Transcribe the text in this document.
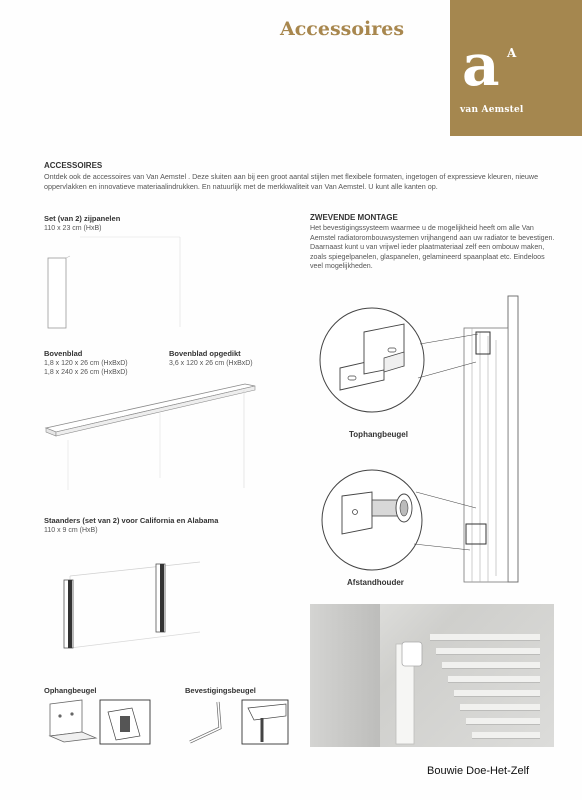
Accessoires
a A
van Aemstel
ACCESSOIRES

Ontdek ook de accessoires van Van Aemstel . Deze sluiten aan bij een groot aantal stijlen met flexibele formaten, ingetogen of expressieve kleuren, nieuwe oppervlakken en innovatieve materiaalindrukken. En natuurlijk met de merkkwaliteit van Van Aemstel. U kunt alle kanten op.

Set (van 2) zijpanelen
110 x 23 cm (HxB)
Bovenblad
1,8 x 120 x 26 cm (HxBxD)
1,8 x 240 x 26 cm (HxBxD)
Bovenblad opgedikt
3,6 x 120 x 26 cm (HxBxD)
Staanders (set van 2) voor California en Alabama
110 x 9 cm (HxB)
Ophangbeugel	Bevestigingsbeugel
ZWEVENDE MONTAGE

Het bevestigingssysteem waarmee u de mogelijkheid heeft om alle Van Aemstel radiatorombouwsystemen vrijhangend aan uw radiator te bevestigen. Daarnaast kunt u van vrijwel ieder plaatmateriaal zelf een ombouw maken, zoals spiegelpanelen, glaspanelen, gelamineerd spaanplaat etc. Eindeloos veel mogelijkheden.

Tophangbeugel
Afstandhouder
Bouwie Doe-Het-Zelf
